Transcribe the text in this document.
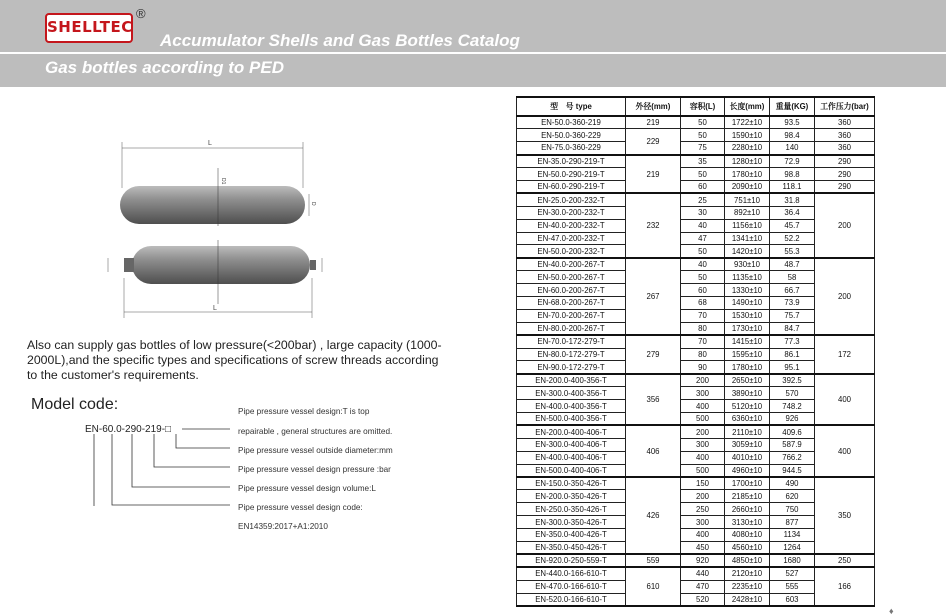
SHELLTEC
®
Accumulator Shells and Gas Bottles Catalog
Gas bottles according to PED
L
D1
D
L
Also can supply gas bottles of low pressure(<200bar) , large capacity (1000-2000L),and the specific types and specifications of screw threads according to the customer's requirements.
Model code:
EN-60.0-290-219-□
Pipe pressure vessel design:T is top
repairable , general structures are omitted.
Pipe pressure vessel outside diameter:mm
Pipe pressure vessel design pressure :bar
Pipe pressure vessel design volume:L
Pipe pressure vessel design code:
EN14359:2017+A1:2010
型　号 type	外径(mm)	容积(L)	长度(mm)	重量(KG)	工作压力(bar)
EN-50.0-360-219	219	50	1722±10	93.5	360
EN-50.0-360-229	229	50	1590±10	98.4	360
EN-75.0-360-229		75	2280±10	140	360
EN-35.0-290-219-T	219	35	1280±10	72.9	290
EN-50.0-290-219-T		50	1780±10	98.8	290
EN-60.0-290-219-T		60	2090±10	118.1	290
EN-25.0-200-232-T	232	25	751±10	31.8	200
EN-30.0-200-232-T		30	892±10	36.4	
EN-40.0-200-232-T		40	1156±10	45.7	
EN-47.0-200-232-T		47	1341±10	52.2	
EN-50.0-200-232-T		50	1420±10	55.3	
EN-40.0-200-267-T	267	40	930±10	48.7	200
EN-50.0-200-267-T		50	1135±10	58	
EN-60.0-200-267-T		60	1330±10	66.7	
EN-68.0-200-267-T		68	1490±10	73.9	
EN-70.0-200-267-T		70	1530±10	75.7	
EN-80.0-200-267-T		80	1730±10	84.7	
EN-70.0-172-279-T	279	70	1415±10	77.3	172
EN-80.0-172-279-T		80	1595±10	86.1	
EN-90.0-172-279-T		90	1780±10	95.1	
EN-200.0-400-356-T	356	200	2650±10	392.5	400
EN-300.0-400-356-T		300	3890±10	570	
EN-400.0-400-356-T		400	5120±10	748.2	
EN-500.0-400-356-T		500	6360±10	926	
EN-200.0-400-406-T	406	200	2110±10	409.6	400
EN-300.0-400-406-T		300	3059±10	587.9	
EN-400.0-400-406-T		400	4010±10	766.2	
EN-500.0-400-406-T		500	4960±10	944.5	
EN-150.0-350-426-T	426	150	1700±10	490	350
EN-200.0-350-426-T		200	2185±10	620	
EN-250.0-350-426-T		250	2660±10	750	
EN-300.0-350-426-T		300	3130±10	877	
EN-350.0-400-426-T		400	4080±10	1134	
EN-350.0-450-426-T		450	4560±10	1264	
EN-920.0-250-559-T	559	920	4850±10	1680	250
EN-440.0-166-610-T	610	440	2120±10	527	166
EN-470.0-166-610-T		470	2235±10	555	
EN-520.0-166-610-T		520	2428±10	603	
♦
